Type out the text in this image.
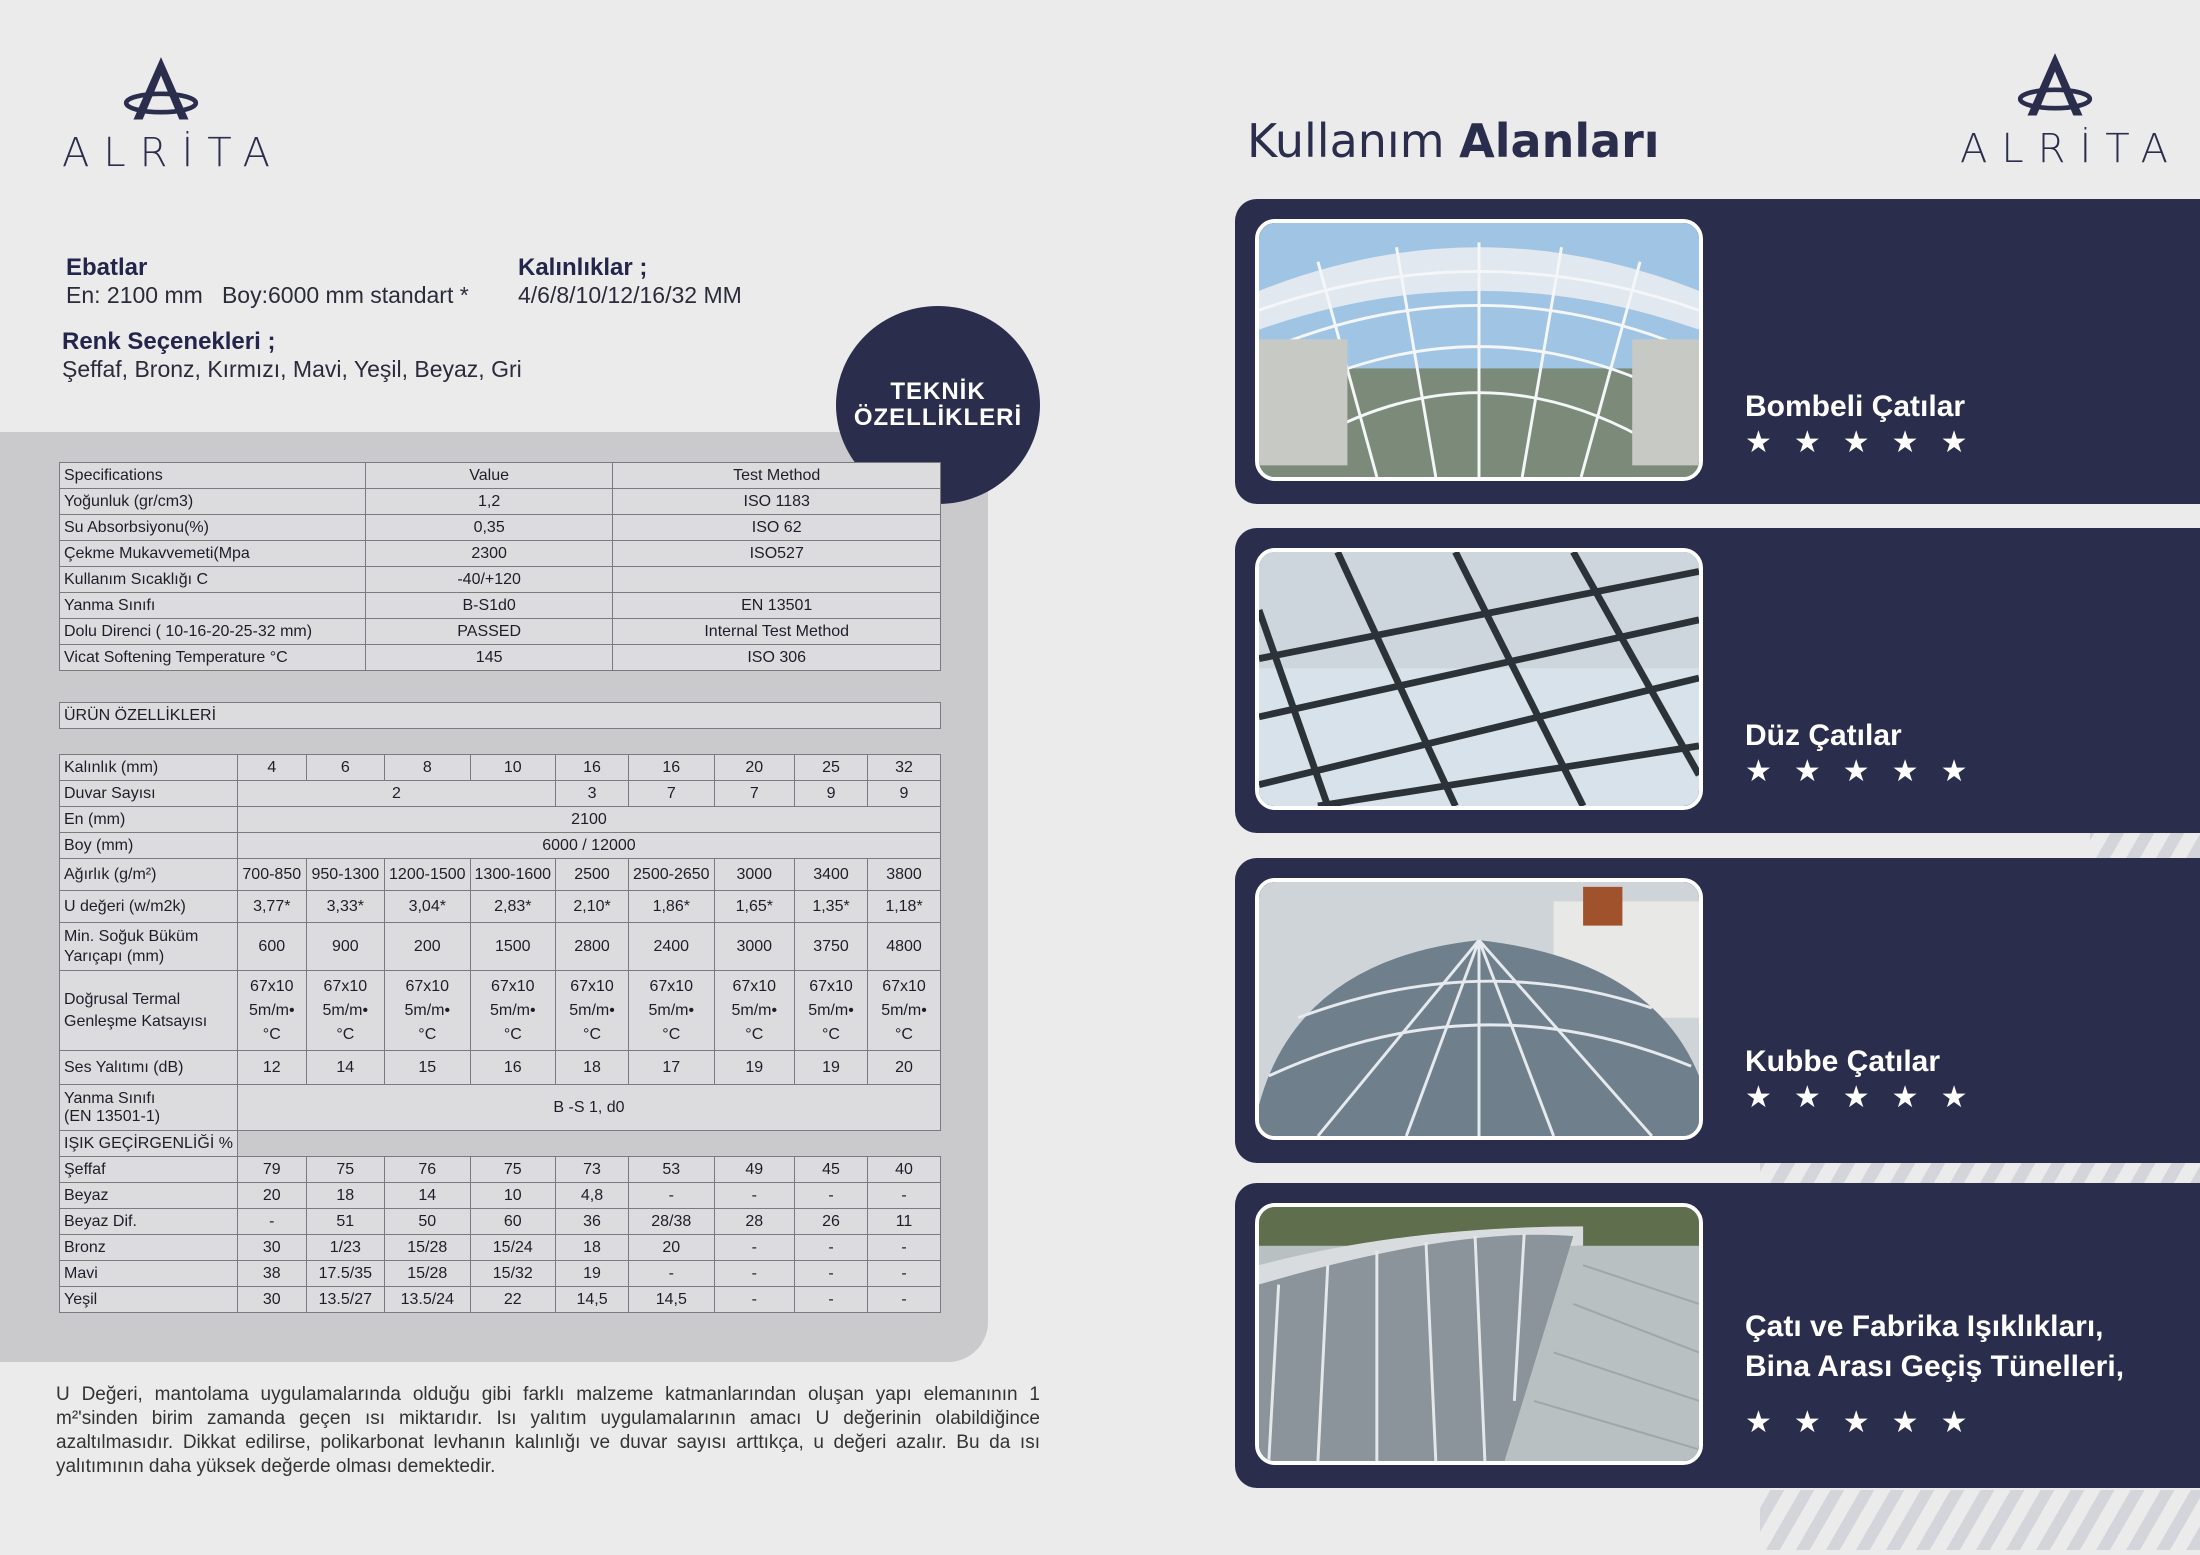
ALRİTA	ALRİTA
Ebatlar
En: 2100 mm   Boy:6000 mm standart *
Kalınlıklar ;
4/6/8/10/12/16/32 MM
Renk Seçenekleri ;
Şeffaf, Bronz, Kırmızı, Mavi, Yeşil, Beyaz, Gri
TEKNİK
ÖZELLİKLERİ
Specifications	Value	Test Method
Yoğunluk (gr/cm3)	1,2	ISO 1183
Su Absorbsiyonu(%)	0,35	ISO 62
Çekme Mukavvemeti(Mpa	2300	ISO527
Kullanım Sıcaklığı C	-40/+120	
Yanma Sınıfı	B-S1d0	EN 13501
Dolu Direnci ( 10-16-20-25-32 mm)	PASSED	Internal Test Method
Vicat Softening Temperature °C	145	ISO 306
ÜRÜN ÖZELLİKLERİ
Kalınlık (mm)	4	6	8	10	16	16	20	25	32
Duvar Sayısı	2				3	7	7	9	9
En (mm)	2100								
Boy (mm)	6000 / 12000								
Ağırlık (g/m²)	700-850	950-1300	1200-1500	1300-1600	2500	2500-2650	3000	3400	3800
U değeri (w/m2k)	3,77*	3,33*	3,04*	2,83*	2,10*	1,86*	1,65*	1,35*	1,18*
Min. Soğuk Büküm
Yarıçapı (mm)	600	900	200	1500	2800	2400	3000	3750	4800
Doğrusal Termal
Genleşme Katsayısı	67x10
5m/m•
°C	67x10
5m/m•
°C	67x10
5m/m•
°C	67x10
5m/m•
°C	67x10
5m/m•
°C	67x10
5m/m•
°C	67x10
5m/m•
°C	67x10
5m/m•
°C	67x10
5m/m•
°C
Ses Yalıtımı (dB)	12	14	15	16	18	17	19	19	20
Yanma Sınıfı
(EN 13501-1)	B -S 1, d0								
IŞIK GEÇİRGENLİĞİ %									
Şeffaf	79	75	76	75	73	53	49	45	40
Beyaz	20	18	14	10	4,8	-	-	-	-
Beyaz Dif.	-	51	50	60	36	28/38	28	26	11
Bronz	30	1/23	15/28	15/24	18	20	-	-	-
Mavi	38	17.5/35	15/28	15/32	19	-	-	-	-
Yeşil	30	13.5/27	13.5/24	22	14,5	14,5	-	-	-
U Değeri, mantolama uygulamalarında olduğu gibi farklı malzeme katmanlarından oluşan yapı elemanının 1 m²'sinden birim zamanda geçen ısı miktarıdır. Isı yalıtım uygulamalarının amacı U değerinin olabildiğince azaltılmasıdır. Dikkat edilirse, polikarbonat levhanın kalınlığı ve duvar sayısı arttıkça, u değeri azalır. Bu da ısı yalıtımının daha yüksek değerde olması demektedir.
Kullanım Alanları
Bombeli Çatılar
★★★★★
Düz Çatılar
★★★★★
Kubbe Çatılar
★★★★★
Çatı ve Fabrika Işıklıkları,
Bina Arası Geçiş Tünelleri,
★★★★★
